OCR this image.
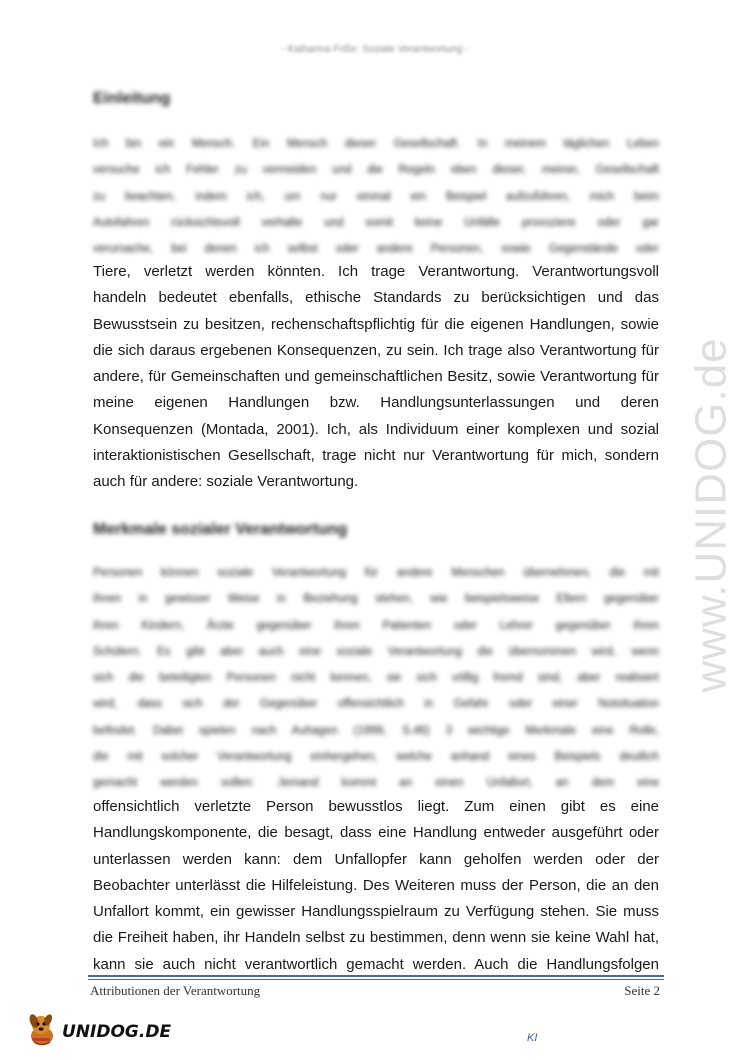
- Katharina Friße: Soziale Verantwortung -
Einleitung
Ich bin ein Mensch. Ein Mensch dieser Gesellschaft. In meinem täglichen Leben
versuche ich Fehler zu vermeiden und die Regeln eben dieser, meiner, Gesellschaft
zu beachten, indem ich, um nur einmal ein Beispiel aufzuführen, mich beim
Autofahren rücksichtsvoll verhalte und somit keine Unfälle provoziere oder gar
verursache, bei denen ich selbst oder andere Personen, sowie Gegenstände oder
Tiere, verletzt werden könnten. Ich trage Verantwortung. Verantwortungsvoll
handeln bedeutet ebenfalls, ethische Standards zu berücksichtigen und das
Bewusstsein zu besitzen, rechenschaftspflichtig für die eigenen Handlungen, sowie
die sich daraus ergebenen Konsequenzen, zu sein. Ich trage also Verantwortung für
andere, für Gemeinschaften und gemeinschaftlichen Besitz, sowie Verantwortung für
meine eigenen Handlungen bzw. Handlungsunterlassungen und deren
Konsequenzen (Montada, 2001). Ich, als Individuum einer komplexen und sozial
interaktionistischen Gesellschaft, trage nicht nur Verantwortung für mich, sondern
auch für andere: soziale Verantwortung.
Merkmale sozialer Verantwortung
Personen können soziale Verantwortung für andere Menschen übernehmen, die mit
ihnen in gewisser Weise in Beziehung stehen, wie beispielsweise Eltern gegenüber
ihren Kindern, Ärzte gegenüber ihren Patienten oder Lehrer gegenüber ihren
Schülern. Es gibt aber auch eine soziale Verantwortung die übernommen wird, wenn
sich die beteiligten Personen nicht kennen, sie sich völlig fremd sind, aber realisiert
wird, dass sich der Gegenüber offensichtlich in Gefahr oder einer Notsituation
befindet. Dabei spielen nach Auhagen (1999, S.46) 3 wichtige Merkmale eine Rolle,
die mit solcher Verantwortung einhergehen, welche anhand eines Beispiels deutlich
gemacht werden sollen: Jemand kommt an einen Unfallort, an dem eine
offensichtlich verletzte Person bewusstlos liegt. Zum einen gibt es eine
Handlungskomponente, die besagt, dass eine Handlung entweder ausgeführt oder
unterlassen werden kann: dem Unfallopfer kann geholfen werden oder der
Beobachter unterlässt die Hilfeleistung. Des Weiteren muss der Person, die an den
Unfallort kommt, ein gewisser Handlungsspielraum zu Verfügung stehen. Sie muss
die Freiheit haben, ihr Handeln selbst zu bestimmen, denn wenn sie keine Wahl hat,
kann sie auch nicht verantwortlich gemacht werden. Auch die Handlungsfolgen
Attributionen der Verantwortung	Seite 2
www.UNIDOG.de
UNIDOG.DE	KI
